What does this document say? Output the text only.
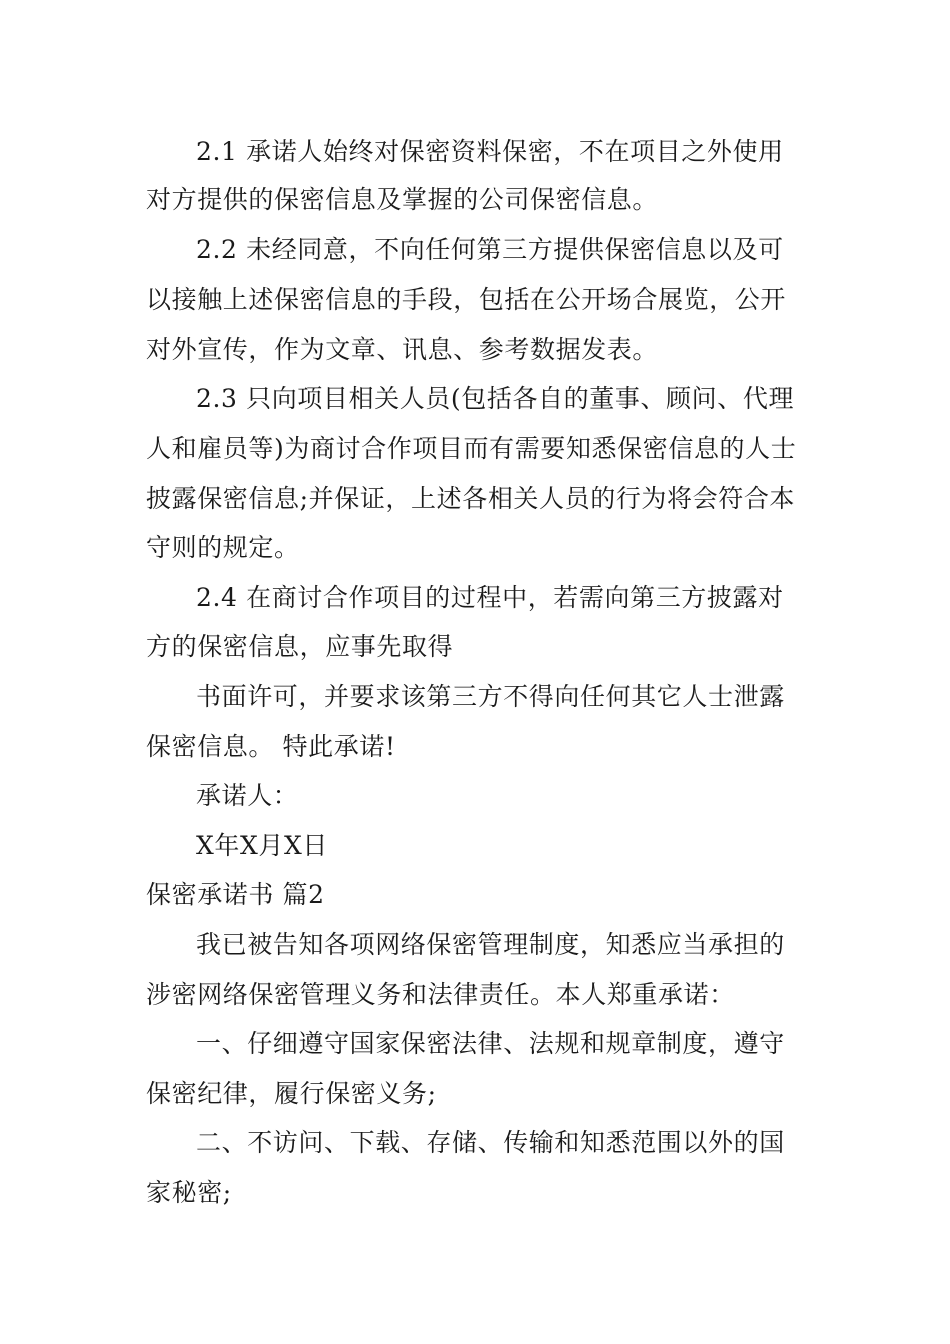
2.1 承诺人始终对保密资料保密，不在项目之外使用
对方提供的保密信息及掌握的公司保密信息。
2.2 未经同意，不向任何第三方提供保密信息以及可
以接触上述保密信息的手段，包括在公开场合展览，公开
对外宣传，作为文章、讯息、参考数据发表。
2.3 只向项目相关人员(包括各自的董事、顾问、代理
人和雇员等)为商讨合作项目而有需要知悉保密信息的人士
披露保密信息;并保证，上述各相关人员的行为将会符合本
守则的规定。
2.4 在商讨合作项目的过程中，若需向第三方披露对
方的保密信息，应事先取得
书面许可，并要求该第三方不得向任何其它人士泄露
保密信息。 特此承诺!
承诺人：
X年X月X日
保密承诺书 篇2
我已被告知各项网络保密管理制度，知悉应当承担的
涉密网络保密管理义务和法律责任。本人郑重承诺：
一、仔细遵守国家保密法律、法规和规章制度，遵守
保密纪律，履行保密义务;
二、不访问、下载、存储、传输和知悉范围以外的国
家秘密;
